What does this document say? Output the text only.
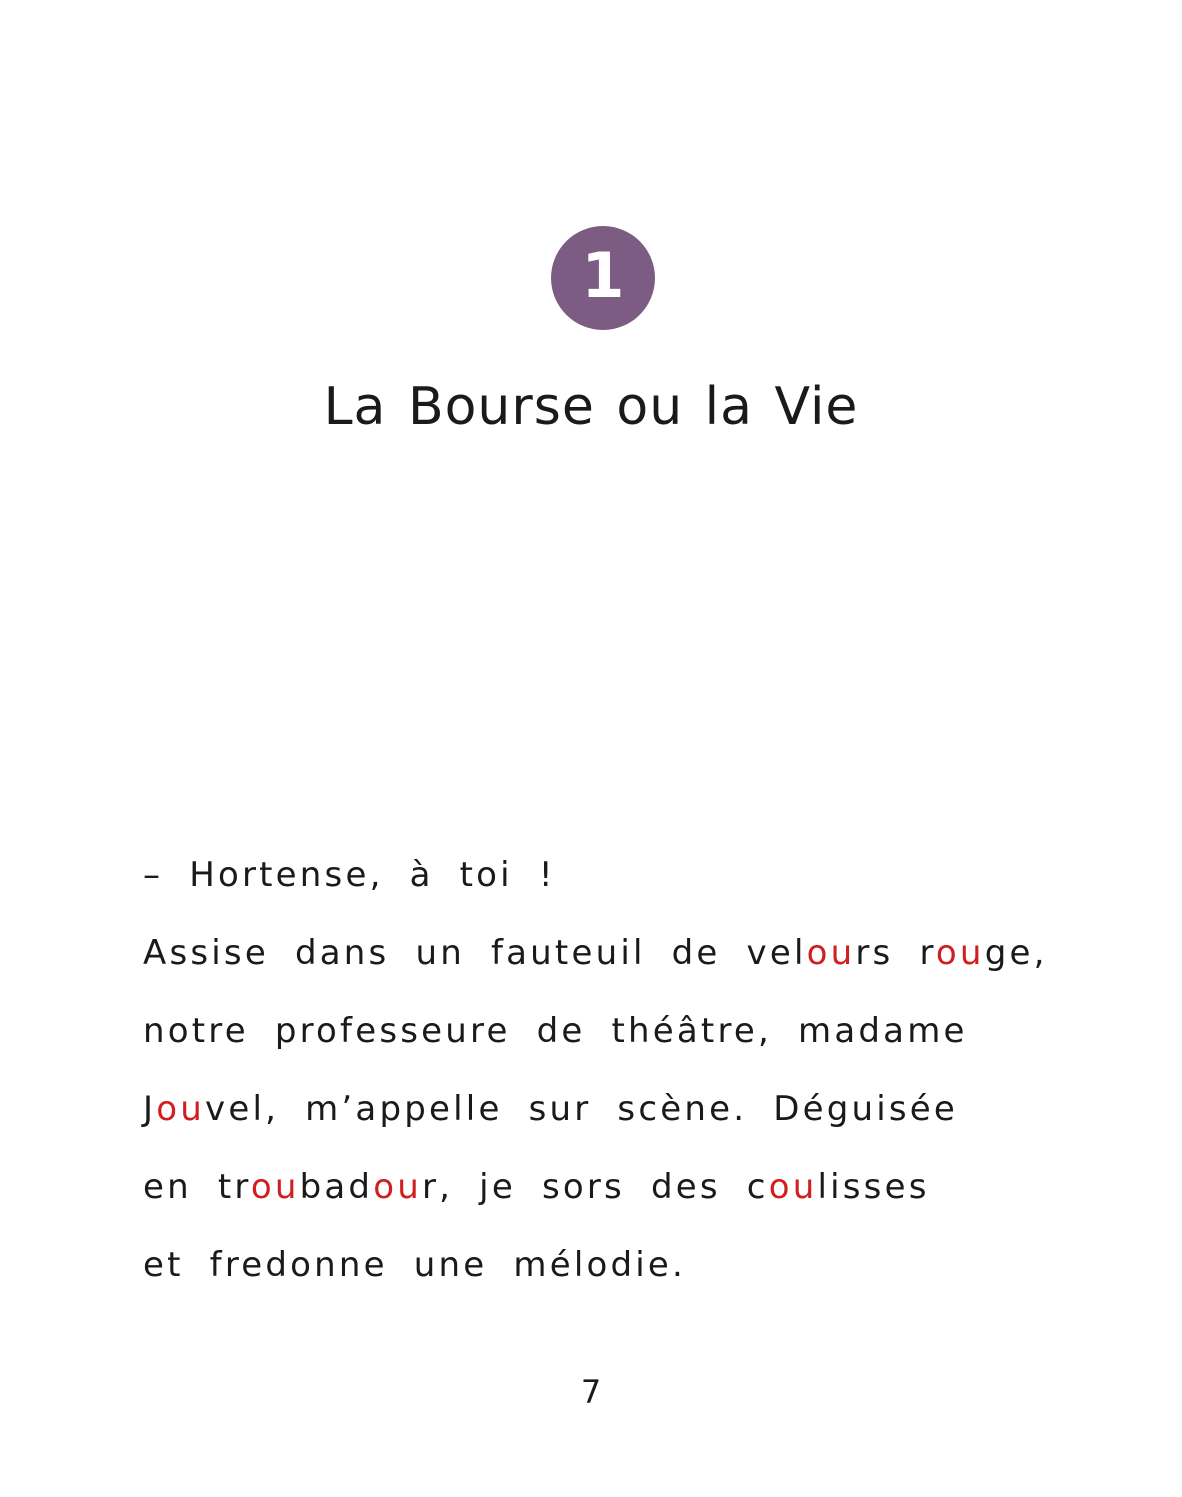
1
La Bourse ou la Vie
– Hortense, à toi !
Assise dans un fauteuil de velours rouge,
notre professeure de théâtre, madame
Jouvel, m’appelle sur scène. Déguisée
en troubadour, je sors des coulisses
et fredonne une mélodie.
7
